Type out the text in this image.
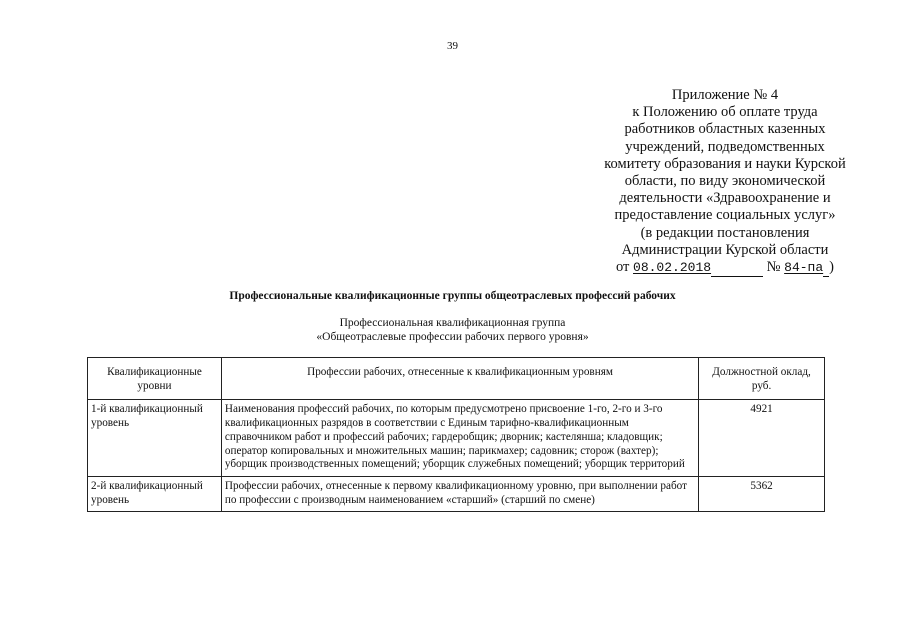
39
Приложение № 4
к Положению об оплате труда
работников областных казенных
учреждений, подведомственных
комитету образования и науки Курской
области, по виду экономической
деятельности «Здравоохранение и
предоставление социальных услуг»
(в редакции постановления
Администрации Курской области
от 08.02.2018	№ 84-па )
Профессиональные квалификационные группы общеотраслевых профессий рабочих
Профессиональная квалификационная группа
«Общеотраслевые профессии рабочих первого уровня»
Квалификационные уровни	Профессии рабочих, отнесенные к квалификационным уровням	Должностной оклад, руб.
1-й квалификационный уровень	Наименования профессий рабочих, по которым предусмотрено присвоение 1-го, 2-го и 3-го квалификационных разрядов в соответствии с Единым тарифно-квалификационным справочником работ и профессий рабочих; гардеробщик; дворник; кастелянша; кладовщик; оператор копировальных и множительных машин; парикмахер; садовник; сторож (вахтер); уборщик производственных помещений; уборщик служебных помещений; уборщик территорий	4921
2-й квалификационный уровень	Профессии рабочих, отнесенные к первому квалификационному уровню, при выполнении работ по профессии с производным наименованием «старший» (старший по смене)	5362
